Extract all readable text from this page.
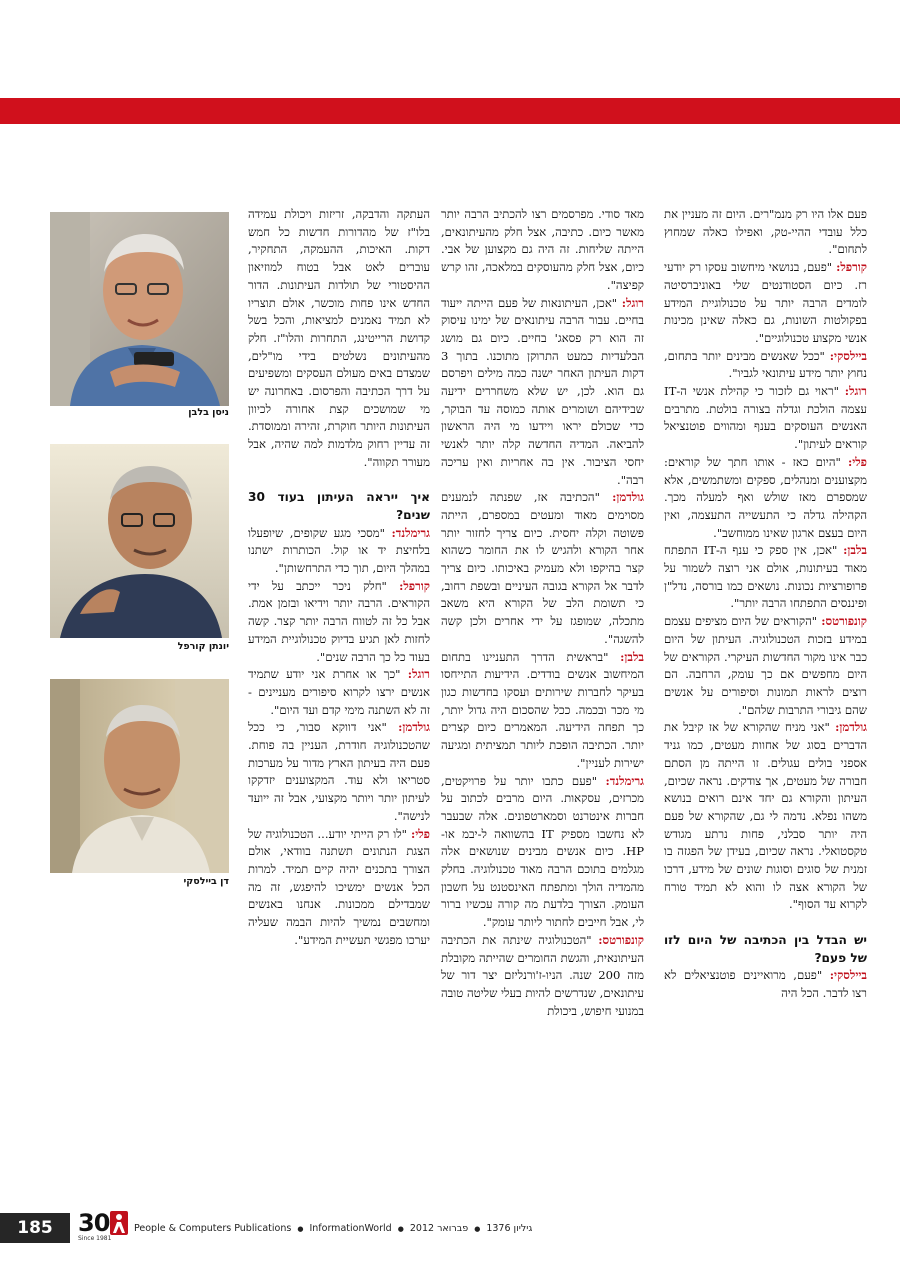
פעם אלו היו רק מנמ"רים. היום זה מעניין את כלל עובדי ההיי-טק, ואפילו כאלה שמחוץ לתחום".

קורפל: "פעם, בנושאי מיחשוב עסקו רק יודעי רז. כיום הסטודנטים שלי באוניברסיטה לומדים הרבה יותר על טכנולוגיית המידע בפקולטות השונות, גם כאלה שאינן מכינות אנשי מקצוע טכנולוגיים".

ביילסקי: "ככל שאנשים מבינים יותר בתחום, נחוץ יותר מידע עיתונאי לגביו".

רוגל: "ראוי גם לזכור כי קהילת אנשי ה-IT עצמה הולכת וגדלה בצורה בולטת. מתרבים האנשים העוסקים בענף ומהווים פוטנציאל קוראים לעיתון".

פלי: "היום כאז - אותו חתך של קוראים: מקצוענים ומנהלים, ספקים ומשתמשים, אלא שמספרם מאז שולש ואף למעלה מכך. הקהילה גדלה כי התעשייה התעצמה, ואין היום בעצם ארגון שאינו ממוחשב".

בלבן: "אכן, אין ספק כי ענף ה-IT התפתח מאוד בעיתונות, אולם אני רוצה לשמור על פרופורציות נכונות. נושאים כמו בורסה, נדל"ן ופיננסים התפתחו הרבה יותר".

קונפורטס: "הקוראים של היום מציפים עצמם במידע בזכות הטכנולוגיה. העיתון של היום כבר אינו מקור החדשות העיקרי. הקוראים של היום מחפשים אם כך עומק, הרחבה. הם רוצים לראות תמונות וסיפורים על אנשים שהם גיבורי התרבות שלהם".

גולדמן: "אני מניח שהקורא של אז קיבל את הדברים בסוג של אחוות מעטים, כמו גניד אספני בולים עגולים. זו הייתה מן הסתם חבורה של מעטים, אך צודקים. נראה שכיום, העיתון והקורא גם יחד אינם רואים בנושא משהו נפלא. נדמה לי גם, שהקורא של פעם היה יותר סבלני, פחות נרתע מגודש טקסטואלי. נראה שכיום, בעידן של הפגזה בו זמנית של סוגים וסוגות שונים של מידע, דרכו של הקורא אצה לו והוא לא תמיד טורח לקרוא עד הסוף".

יש הבדל בין הכתיבה של היום לזו של פעם?

ביילסקי: "פעם, מרואיינים פוטנציאלים לא רצו לדבר. הכל היה

מאד סודי. מפרסמים רצו להכתיב הרבה יותר מאשר כיום. כתיבה, אצל חלק מהעיתונאים, הייתה שליחות. זה היה גם מקצוען של אבי. כיום, אצל חלק מהעוסקים במלאכה, זהו קרש קפיצה".

רוגל: "אכן, העיתונאות של פעם הייתה ייעוד בחיים. עבור הרבה עיתונאים של ימינו עיסוק זה הוא רק פסאג' בחיים. כיום גם מושג הבלעדיות כמעט התרוקן מתוכנו. בתוך 3 דקות העיתון האחר ישנה כמה מילים ויפרסם גם הוא. לכן, יש שלא משחררים ידיעה שבידיהם ושומרים אותה כמוסה עד הבוקר, כדי שכולם יראו ויידעו מי היה הראשון להביאה. המדיה החדשה קלה יותר לאנשי יחסי הציבור. אין בה אחריות ואין עריכה רבה".

גולדמן: "הכתיבה אז, שפנתה לנמענים מסוימים מאוד ומעטים במספרם, הייתה פשוטה וקלה יחסית. כיום צריך לחזור יותר אחר הקורא ולהגיש לו את החומר כשהוא קצר בהיקפו ולא מעמיק באיכותו. כיום צריך לדבר אל הקורא בגובה העיניים ובשפת רחוב, כי תשומת הלב של הקורא היא משאב מתכלה, שמופגז על ידי אחרים ולכן קשה להשגה".

בלבן: "בראשית הדרך התעניינו בתחום המיחשוב אנשים בודדים. הידיעות התייחסו בעיקר לחברות שירותים ועסקו בחדשות כגון מי מכר ובכמה. ככל שהסכום היה גדול יותר, כך תפחה הידיעה. המאמרים כיום קצרים יותר. הכתיבה הופכת ליותר תמציתית ומגיעה ישירות לעניין".

גרימלנד: "פעם כתבו יותר על פרויקטים, מכרזים, עסקאות. היום מרבים לכתוב על חברות אינטרנט וסמארטפונים. אלה שבעבר לא נחשבו מספיק IT בהשוואה ל-יבמ או-HP. כיום אנשים מבינים שנושאים אלה מגלמים בתוכם הרבה מאוד טכנולוגיה. בחלק מהמדיה הולך ומתפתח האינסטנט על חשבון העומק. הצורך בלדעת מה קורה עכשיו ברור לי, אבל חייבים לחתור ליותר עומק".

קונפורטס: "הטכנולוגיה שינתה את הכתיבה העיתונאית, והגשת החומרים שהייתה מקובלת מזה 200 שנה. הניו-ז'ורנליזם יצר דור של עיתונאים, שנדרשים להיות בעלי שליטה טובה במנועי חיפוש, ביכולת

העתקה והדבקה, זריזות ויכולת עמידה בלו"ז של מהדורות חדשות כל חמש דקות. האיכות, ההעמקה, התחקיר, עוברים לאט אבל בטוח למוזיאון ההיסטורי של תולדות העיתונות. הדור החדש אינו פחות מוכשר, אולם תוצריו לא תמיד נאמנים למציאות, והכל בשל קדושת הרייטינג, התחרות והלו"ז. חלק מהעיתונים נשלטים בידי מו"לים, שמצדם באים מעולם העסקים ומשפיעים על דרך הכתיבה והפרסום. באחרונה יש מי שמושכים קצת אחורה לכיוון העיתונות היותר חוקרת, זהירה וממוסדת. זה עדיין רחוק מלדמות למה שהיה, אבל מעורר תקווה".

איך ייראה העיתון בעוד 30 שנים?

גרימלנד: "מסכי מגע שקופים, שיופעלו בלחיצת יד או קול. הכותרות ישתנו במהלך היום, תוך כדי התרחשותן".

קורפל: "חלק ניכר ייכתב על ידי הקוראים. הרבה יותר וידיאו ובזמן אמת. אבל כל זה לטווח הרבה יותר קצר. קשה לחזות לאן תגיע בדיוק טכנולוגיית המידע בעוד כל כך הרבה שנים".

רוגל: "כך או אחרת אני יודע שתמיד אנשים ירצו לקרוא סיפורים מעניינים - זה לא השתנה מימי קדם ועד היום".

גולדמן: "אני דווקא סבור, כי ככל שהטכנולוגיה חודרת, העניין בה פוחת. פעם היה בעיתון הארץ מדור על מערכות סטריאו ולא עוד. המקצוענים יזדקקו לעיתון יותר ויותר מקצועי, אבל זה ייועד לנישה".

פלי: "לו רק הייתי יודע... הטכנולוגיה של הצגת הנתונים תשתנה בוודאי, אולם הצורך בתכנים יהיה קיים תמיד. למרות הכל אנשים ימשיכו להיפגש, זה מה שמבדילם ממכונות. אנחנו באנשים ומחשבים נמשיך להיות הבמה שעליה יערכו מפגשי תעשיית המידע".

ניסן בלבן
יונתן קורפל
דן ביילסקי
185	30
Since 1981
People & Computers Publications ● InformationWorld ● פברואר 2012 ● גיליון 1376
